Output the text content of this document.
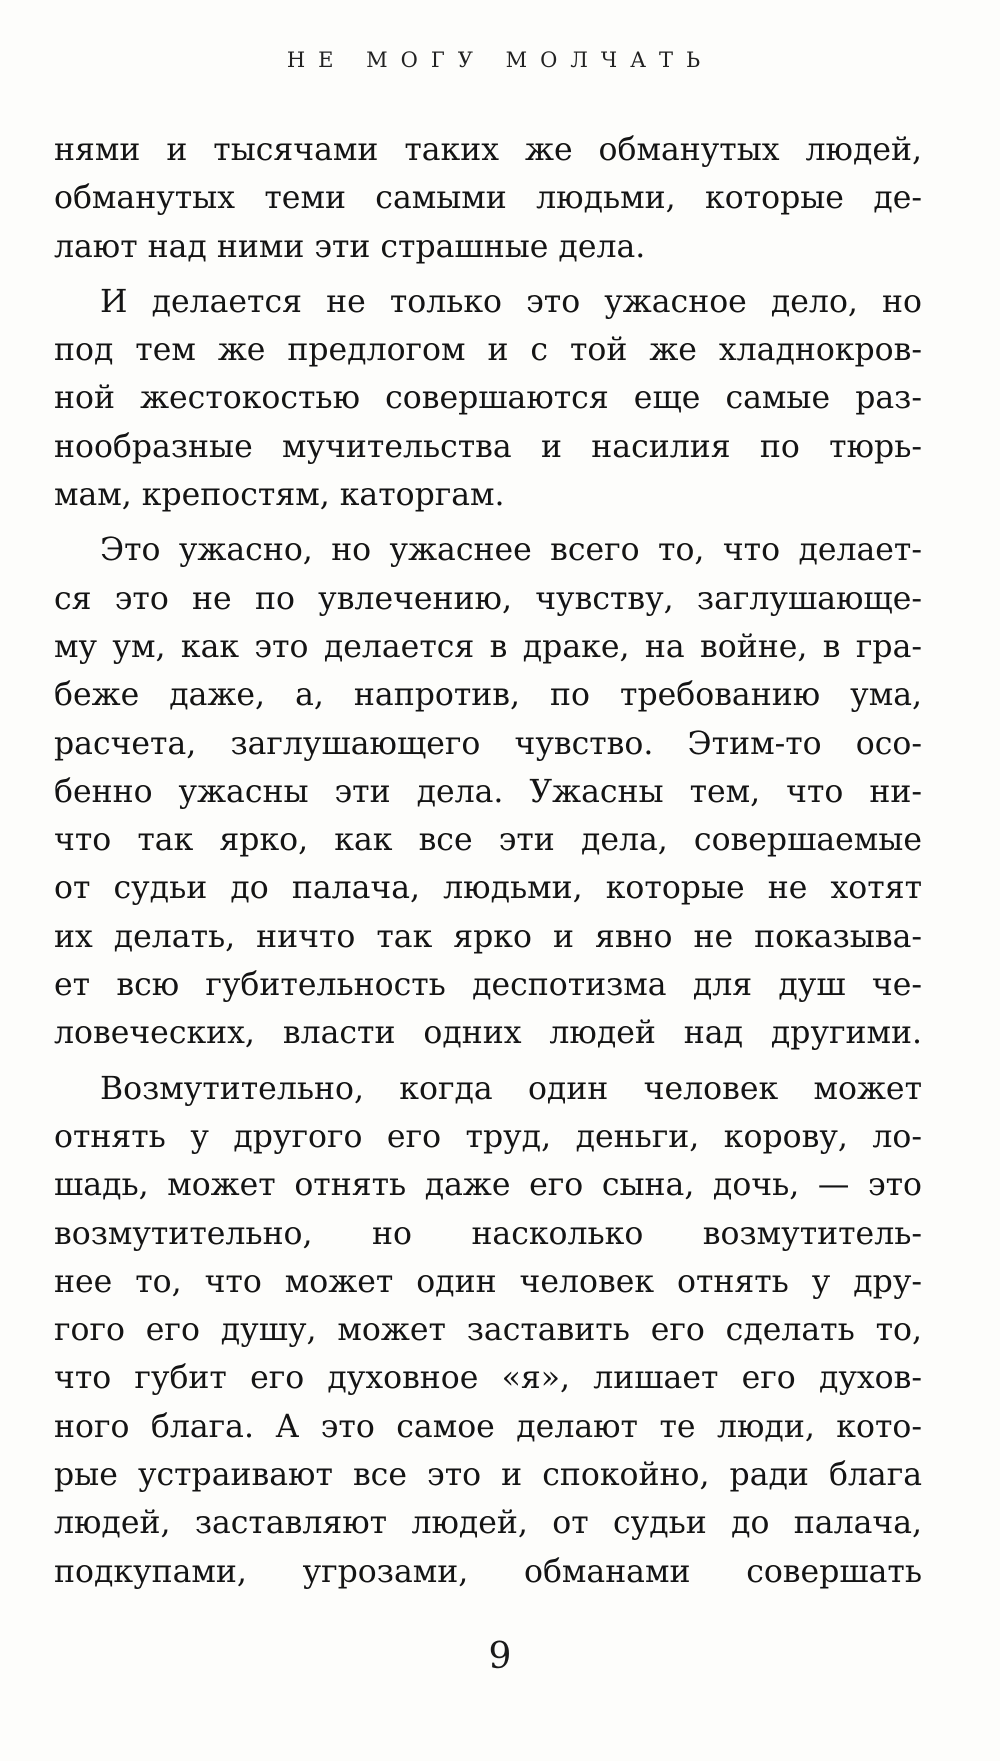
НЕ МОГУ МОЛЧАТЬ
нями и тысячами таких же обманутых людей,
обманутых теми самыми людьми, которые де-
лают над ними эти страшные дела.
И делается не только это ужасное дело, но
под тем же предлогом и с той же хладнокров-
ной жестокостью совершаются еще самые раз-
нообразные мучительства и насилия по тюрь-
мам, крепостям, каторгам.
Это ужасно, но ужаснее всего то, что делает-
ся это не по увлечению, чувству, заглушающе-
му ум, как это делается в драке, на войне, в гра-
беже даже, а, напротив, по требованию ума,
расчета, заглушающего чувство. Этим-то осо-
бенно ужасны эти дела. Ужасны тем, что ни-
что так ярко, как все эти дела, совершаемые
от судьи до палача, людьми, которые не хотят
их делать, ничто так ярко и явно не показыва-
ет всю губительность деспотизма для душ че-
ловеческих, власти одних людей над другими.
Возмутительно, когда один человек может
отнять у другого его труд, деньги, корову, ло-
шадь, может отнять даже его сына, дочь, — это
возмутительно, но насколько возмутитель-
нее то, что может один человек отнять у дру-
гого его душу, может заставить его сделать то,
что губит его духовное «я», лишает его духов-
ного блага. А это самое делают те люди, кото-
рые устраивают все это и спокойно, ради блага
людей, заставляют людей, от судьи до палача,
подкупами, угрозами, обманами совершать
9
